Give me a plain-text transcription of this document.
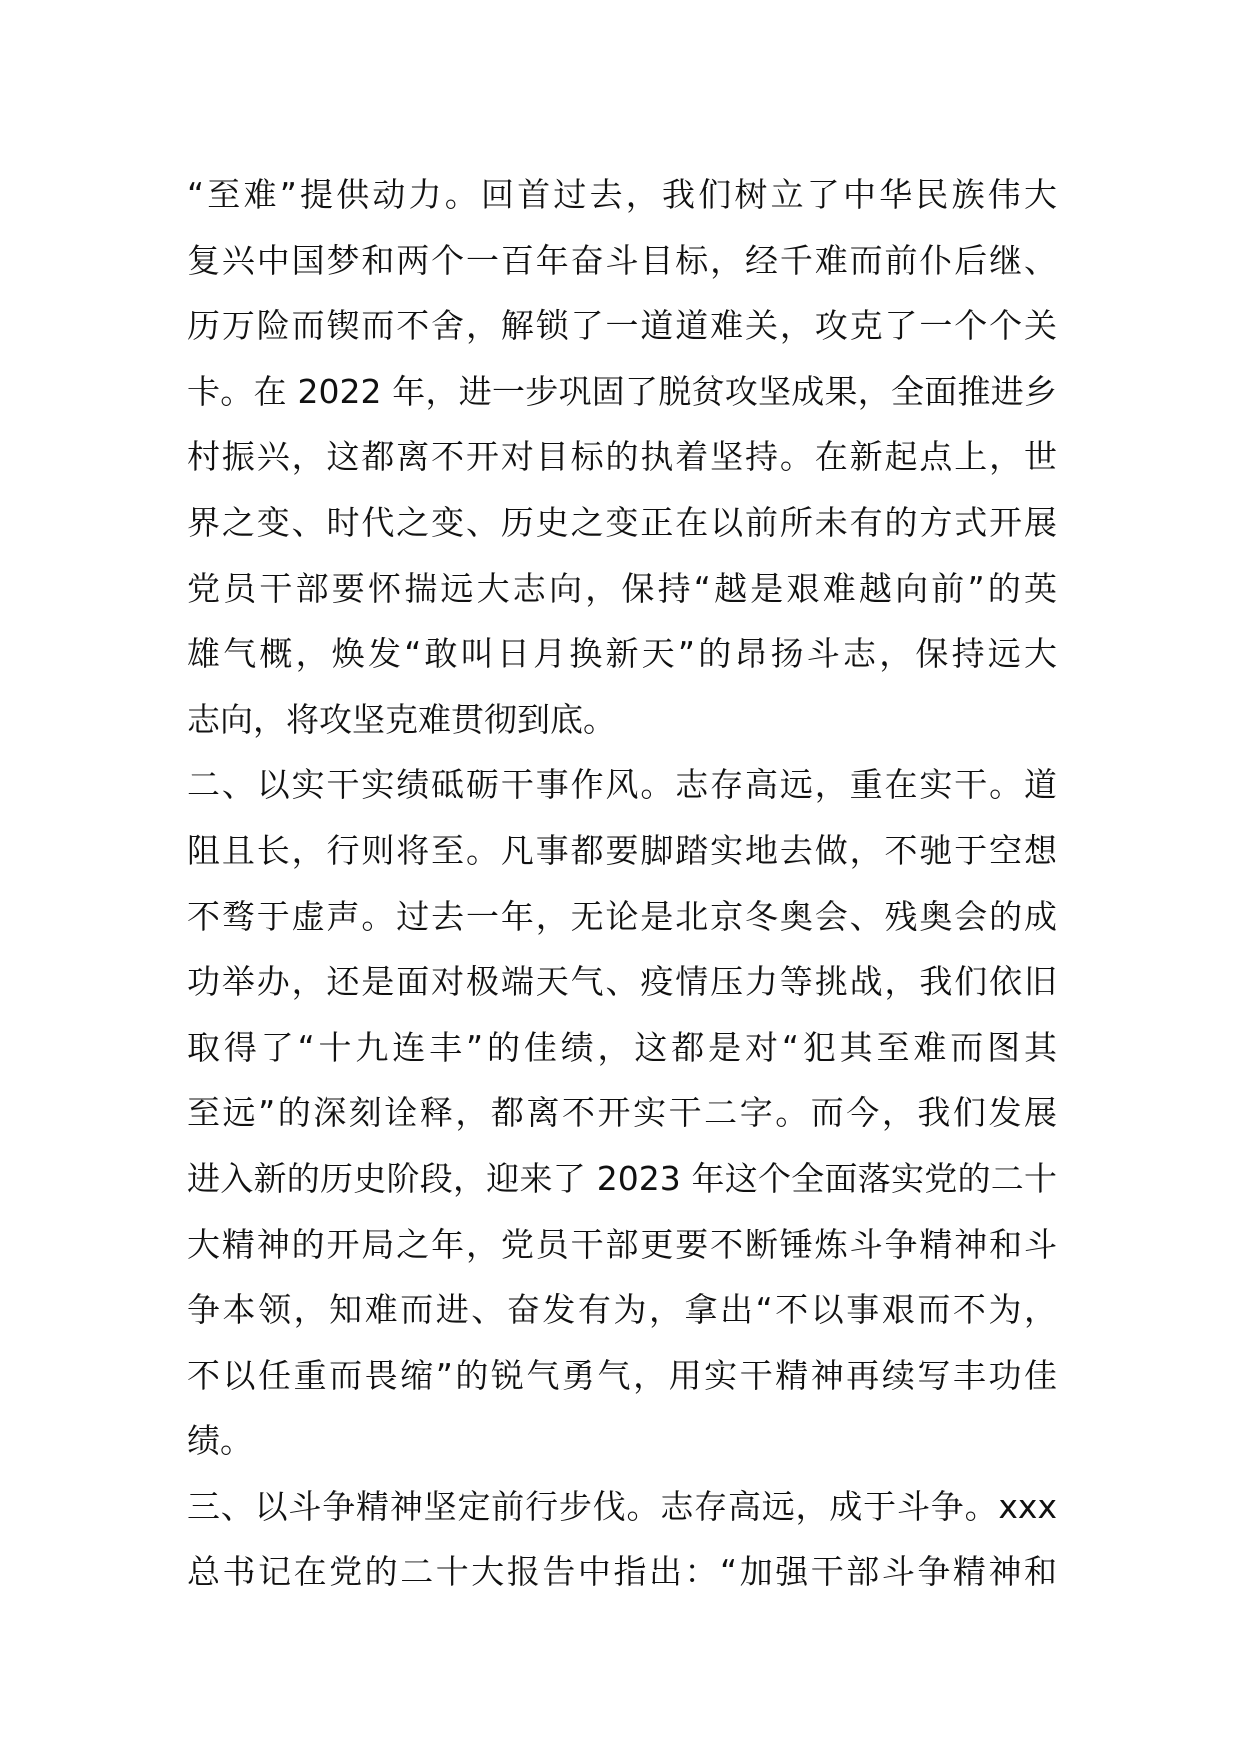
“至难”提供动力。回首过去，我们树立了中华民族伟大
复兴中国梦和两个一百年奋斗目标，经千难而前仆后继、
历万险而锲而不舍，解锁了一道道难关，攻克了一个个关
卡。在 2022 年，进一步巩固了脱贫攻坚成果，全面推进乡
村振兴，这都离不开对目标的执着坚持。在新起点上，世
界之变、时代之变、历史之变正在以前所未有的方式开展
党员干部要怀揣远大志向，保持“越是艰难越向前”的英
雄气概，焕发“敢叫日月换新天”的昂扬斗志，保持远大
志向，将攻坚克难贯彻到底。
二、以实干实绩砥砺干事作风。志存高远，重在实干。道
阻且长，行则将至。凡事都要脚踏实地去做，不驰于空想
不骛于虚声。过去一年，无论是北京冬奥会、残奥会的成
功举办，还是面对极端天气、疫情压力等挑战，我们依旧
取得了“十九连丰”的佳绩，这都是对“犯其至难而图其
至远”的深刻诠释，都离不开实干二字。而今，我们发展
进入新的历史阶段，迎来了 2023 年这个全面落实党的二十
大精神的开局之年，党员干部更要不断锤炼斗争精神和斗
争本领，知难而进、奋发有为，拿出“不以事艰而不为，
不以任重而畏缩”的锐气勇气，用实干精神再续写丰功佳
绩。
三、以斗争精神坚定前行步伐。志存高远，成于斗争。xxx
总书记在党的二十大报告中指出：“加强干部斗争精神和
